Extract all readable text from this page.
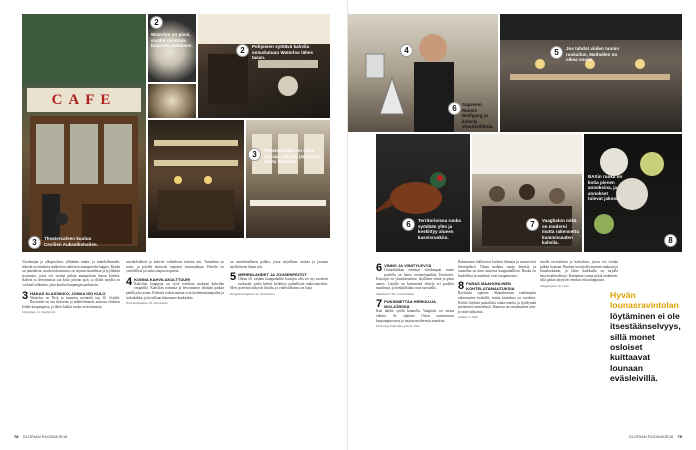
CAFE
3	Theatercafeen kuuluu Cecilien Aukealkoholien.
2
Waterloo on pieni, sisältä ravintola kirjaston kokoinen.
2	Pohjoisen syötävä kahvila ostoskatuun Waterloo lähes tasan.
3	Theatercafeen on tullut tiimaan, pöydät järjestetty toista keskelle.

Vuodenajat ja ulkopuoliset, ylläänkin maku- ja mahdollisuudet, tekevät ravintolasta melkoisen näköisen aamupäivän kuppia. Ruoka on jumalaista, mutta kokonaisuus on täynnä tunnelmaa ja tyylikästä sisustusta, jossa voi viettää pitkän aamupäivän ilman kiirettä. Kahvia ja leivonnaisia saa koko päivän ajan, ja illalla tarjolla on cocktailvalikoima, joka kuuluu kaupungin parhaisiin.

3 HAKAS KLASSIKKO, JONKA ISO KULO

Waterloo on Nick ja tunnettu ravintola top 10 -listalla. Ravintola on sen historian ja arkkitehtuurin ansiosta ehdoton kohde kaupungissa, ja lähes kaikki ruoka on kotimaista.

Storgatan 14, Stockholm

tarvikeleikkeet ja kahviot vaihtelevat talveen asti. Tunnelma on rento, ja pöydät täyttyvät nopeasti lounasaikaan. Palvelu on ystävällistä ja ruoka saapuu nopeasti.

4 KONNA KAHVILAKULTTUURI

Kahvilan kauppoja on syvä tradition mukaan kahvilan ympärillä. Kahvilan toiminta ja leivonnaiset tehdään paikan päällä joka aamu. Keittiön erikoisuutena ovat kardemummapullat ja toskakakku, joita tullaan hakemaan kaukaakin.

Norrlandsgatan 18, Stockholm

on tunnelmallinen paikka, jossa tarjoillaan ruokaa ja juomaa myöhäiseen iltaan asti.

5 MERENLAHDET JA JOUSENPEITOT

Ohran eli vanhan kauppahallin kattojen alla on nyt moderni ruokasali, jonka keittiö keskittyy paikallisiin raaka-aineisiin. Meri ja metsät näkyvät listalla, ja viinivalikoima on laaja.

Kungsholmsgatan 32, Stockholm

78 GLORIAN RUOKAKIRJA
4	5	Jos tahdot viiden tunnin ruokailun, Mathallen on oikea osoite.
6	Supremo Roasin Wolfgang ja kahvila Vinodistilleria.
6	Territorioissa ruoka syödään ylös ja keskittyy alueen kasvisruokiin.
7	Vaaghalon mikä on moderni mutta rakennettu kummisuuden kahvila.
BAXin ruoka on kotia pienen annoksina, ja annokset tulevat jakoon.
8
6 VINHO JA VIINITYLEVYÄ

Grünerløkkan tekemat viinikaupan ruuan puolella on hieno ravintolapaikka Territoriet. Konsepti on yksinkertainen: lasillinen viiniä ja pieni annos. Listalla on kymmeniä viinejä eri puolilta maailmaa, ja henkilökunta osaa suositella.

Markveien 58, Grünerløkka

7 PUKSIMETTAA HERKKUJA MOLJÖRSSÄ

Kun tahdot syödä kunnolla, Vaaghalo on varma valinta. Se sijaitsee Oslon uusimmassa kaupunginosassa ja tarjoaa moderneja annoksia.

Dronning Eufemias gate 8, Oslo

Rakennusta hallitsevat korkeat ikkunat ja massiiviset betonipilarit. Tilaan mahtuu satoja ihmisiä, ja tunnelma on kuin suuressa kauppahallissa. Ruoka on huolellista ja annokset ovat tasapainoisia.

8 PARAS MAAHONLINEN KOHTELUTAMAUTUKSIA

Ravintola sijaitsee Skandinavian vanhimpien rakennusten keskellä, mutta tunnelma on moderni. Keittiö käyttää paikallisia raaka-aineita ja hyödyntää perinteisiä menetelmiä. Baarissa on erinomainen olut- ja viinivalikoima.

Vulkan 5, Oslo

tasolla ravintoloita ja kahviloita, joissa voi viettää pitkän lounaan. Ruokaa on tarjolla moneen makuun ja hintaluokkaan, ja lähes kaikkialla on tarjolla kasvisvaihtoehtoja. Kannattaa varata pöytä etukäteen, sillä paikat täyttyvät etenkin viikonloppuisin.

Skippergata 10, Oslo

Hyvän lounasravintolan löytäminen ei ole itsestäänselvyys, sillä monet osloiset kuittaavat lounaan eväsleivillä.
GLORIAN RUOKAKIRJA 79
